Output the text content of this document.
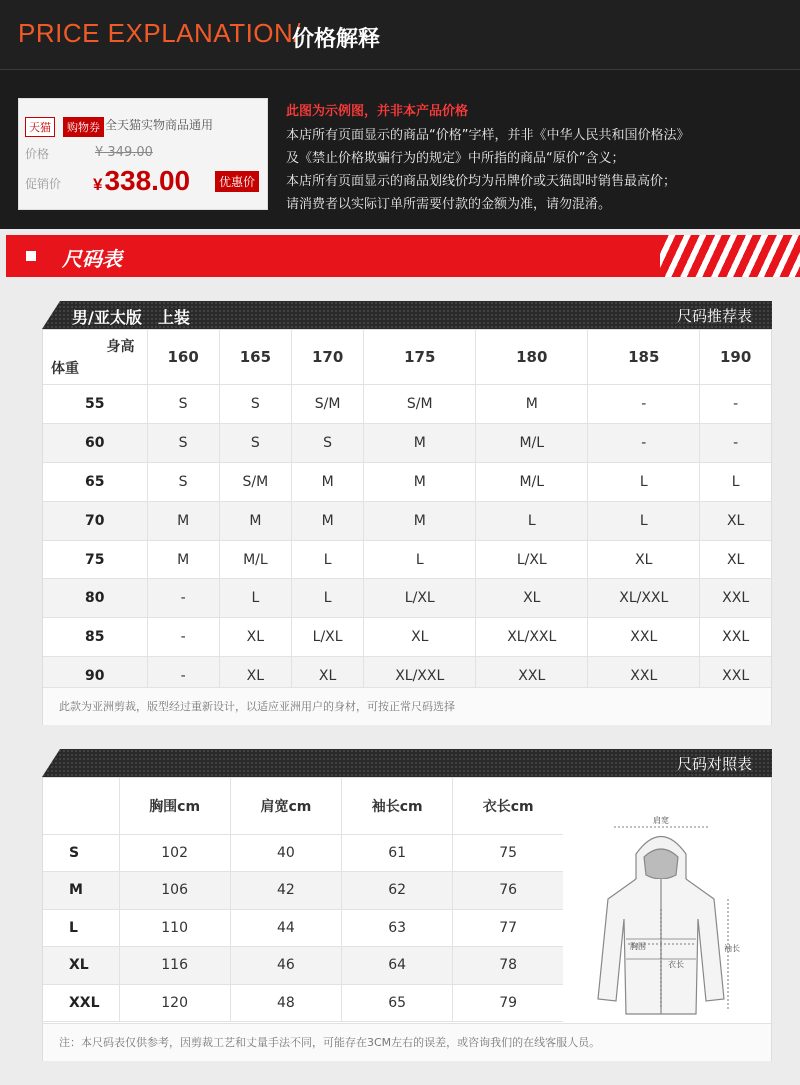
PRICE EXPLANATION/
价格解释
天猫	购物券 全天猫实物商品通用
价格	¥ 349.00
促销价 ¥338.00	优惠价
此图为示例图，并非本产品价格
本店所有页面显示的商品“价格”字样，并非《中华人民共和国价格法》
及《禁止价格欺骗行为的规定》中所指的商品“原价”含义；
本店所有页面显示的商品划线价均为吊牌价或天猫即时销售最高价；
请消费者以实际订单所需要付款的金额为准，请勿混淆。
尺码表
男/亚太版　上装	尺码推荐表
身高
体重	160	165	170	175	180	185	190
55	S	S	S/M	S/M	M	-	-
60	S	S	S	M	M/L	-	-
65	S	S/M	M	M	M/L	L	L
70	M	M	M	M	L	L	XL
75	M	M/L	L	L	L/XL	XL	XL
80	-	L	L	L/XL	XL	XL/XXL	XXL
85	-	XL	L/XL	XL	XL/XXL	XXL	XXL
90	-	XL	XL	XL/XXL	XXL	XXL	XXL
此款为亚洲剪裁，版型经过重新设计，以适应亚洲用户的身材，可按正常尺码选择
尺码对照表
	胸围cm	肩宽cm	袖长cm	衣长cm
S	102	40	61	75
M	106	42	62	76
L	110	44	63	77
XL	116	46	64	78
XXL	120	48	65	79
注：本尺码表仅供参考，因剪裁工艺和丈量手法不同，可能存在3CM左右的误差，或咨询我们的在线客服人员。
肩宽
胸围
衣长
袖长
